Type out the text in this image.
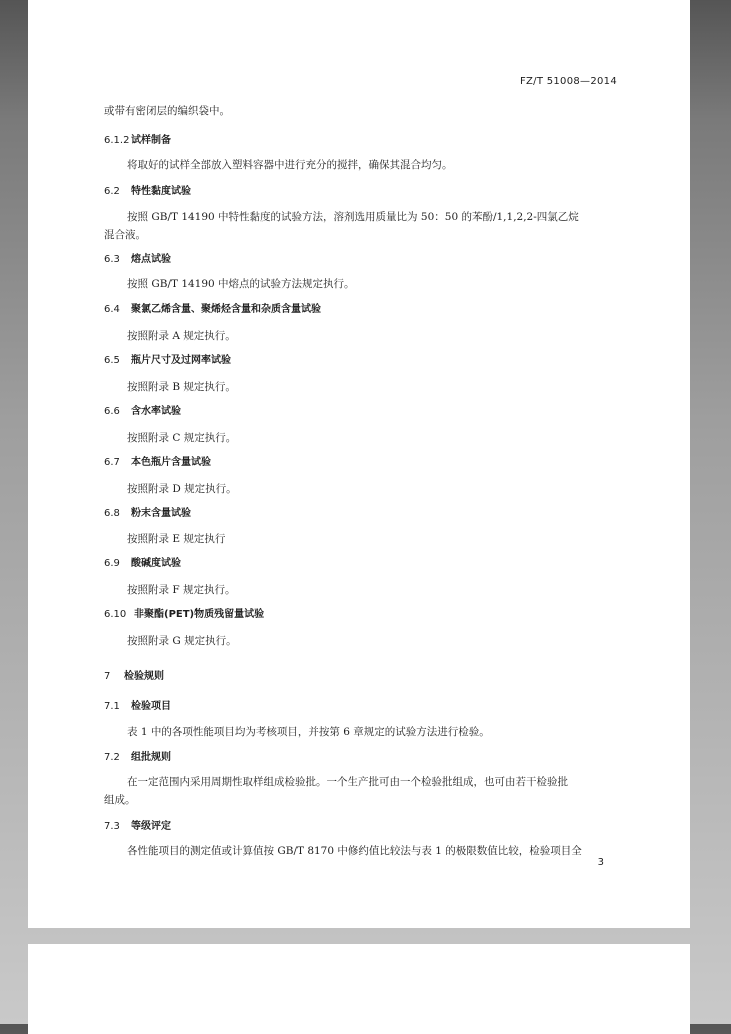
FZ/T 51008—2014
或带有密闭层的编织袋中。
6.1.2 试样制备
将取好的试样全部放入塑料容器中进行充分的搅拌，确保其混合均匀。
6.2 特性黏度试验
按照 GB/T 14190 中特性黏度的试验方法，溶剂选用质量比为 50：50 的苯酚/1,1,2,2-四氯乙烷
混合液。
6.3 熔点试验
按照 GB/T 14190 中熔点的试验方法规定执行。
6.4 聚氯乙烯含量、聚烯烃含量和杂质含量试验
按照附录 A 规定执行。
6.5 瓶片尺寸及过网率试验
按照附录 B 规定执行。
6.6 含水率试验
按照附录 C 规定执行。
6.7 本色瓶片含量试验
按照附录 D 规定执行。
6.8 粉末含量试验
按照附录 E 规定执行
6.9 酸碱度试验
按照附录 F 规定执行。
6.10 非聚酯(PET)物质残留量试验
按照附录 G 规定执行。
7 检验规则
7.1 检验项目
表 1 中的各项性能项目均为考核项目，并按第 6 章规定的试验方法进行检验。
7.2 组批规则
在一定范围内采用周期性取样组成检验批。一个生产批可由一个检验批组成，也可由若干检验批
组成。
7.3 等级评定
各性能项目的测定值或计算值按 GB/T 8170 中修约值比较法与表 1 的极限数值比较，检验项目全
3
